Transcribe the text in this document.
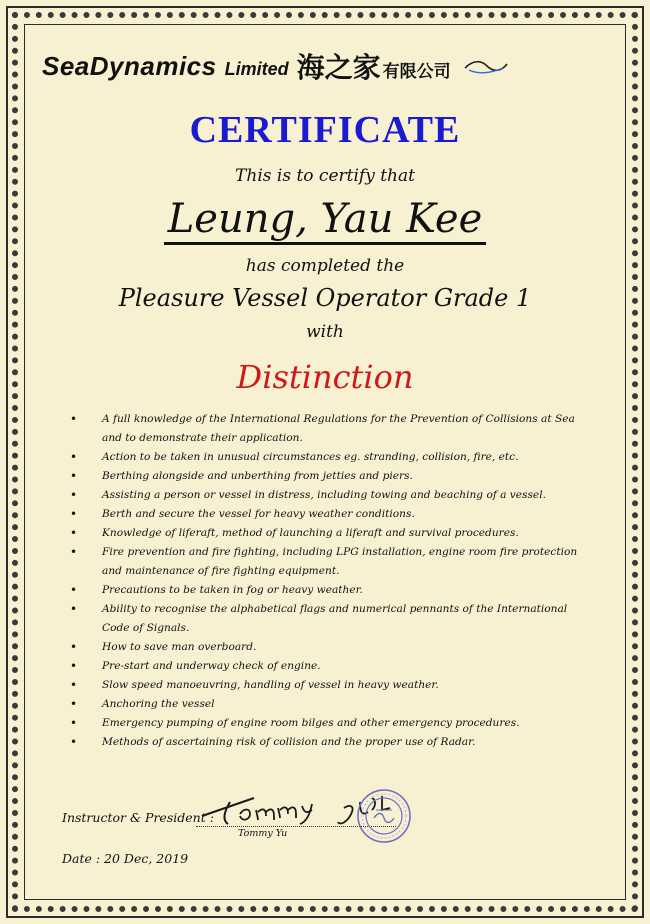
SeaDynamics Limited 海之家 有限公司
CERTIFICATE
This is to certify that
Leung, Yau Kee
has completed the
Pleasure Vessel Operator Grade 1
with
Distinction
• A full knowledge of the International Regulations for the Prevention of Collisions at Sea and to demonstrate their application.
• Action to be taken in unusual circumstances eg. stranding, collision, fire, etc.
• Berthing alongside and unberthing from jetties and piers.
• Assisting a person or vessel in distress, including towing and beaching of a vessel.
• Berth and secure the vessel for heavy weather conditions.
• Knowledge of liferaft, method of launching a liferaft and survival procedures.
• Fire prevention and fire fighting, including LPG installation, engine room fire protection and maintenance of fire fighting equipment.
• Precautions to be taken in fog or heavy weather.
• Ability to recognise the alphabetical flags and numerical pennants of the International Code of Signals.
• How to save man overboard.
• Pre-start and underway check of engine.
• Slow speed manoeuvring, handling of vessel in heavy weather.
• Anchoring the vessel
• Emergency pumping of engine room bilges and other emergency procedures.
• Methods of ascertaining risk of collision and the proper use of Radar.
Instructor & President :
Tommy Yu
Date : 20 Dec, 2019
